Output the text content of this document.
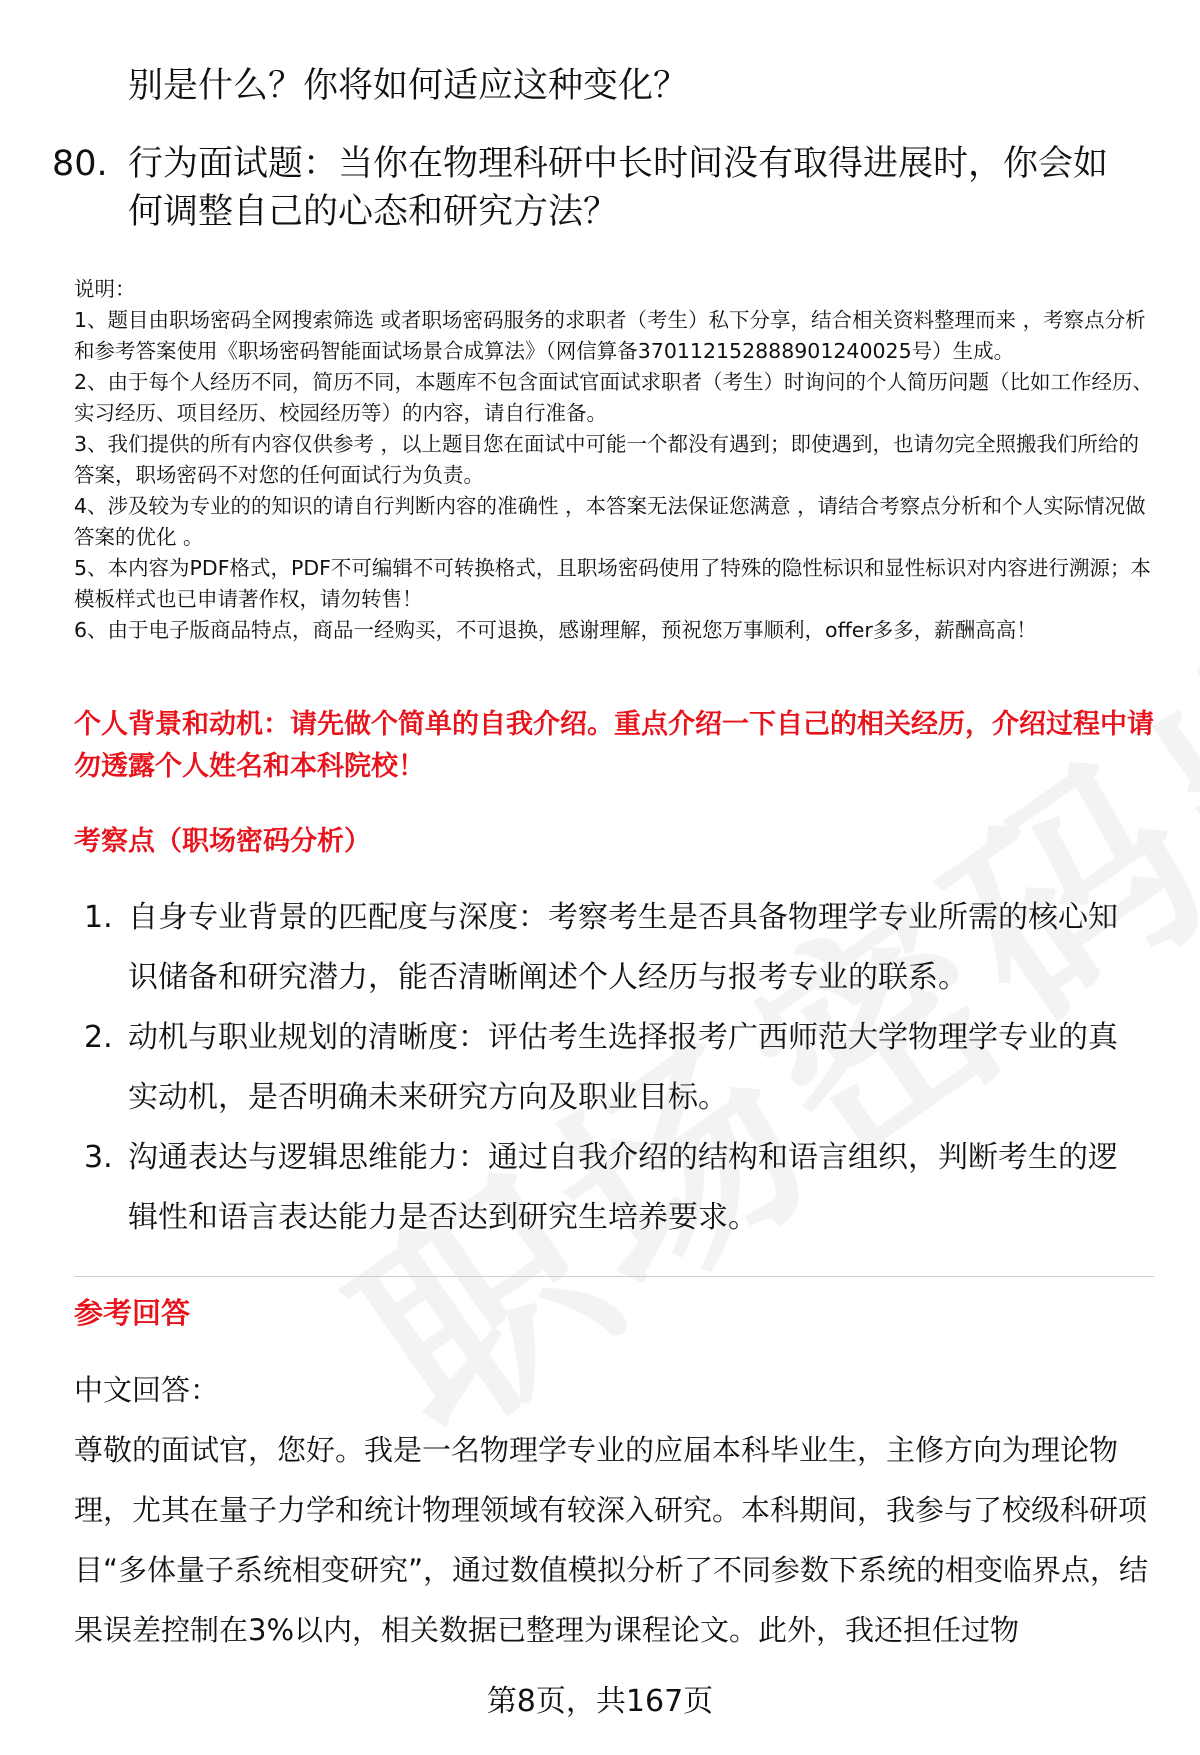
别是什么？你将如何适应这种变化？

80. 行为面试题：当你在物理科研中长时间没有取得进展时，你会如何调整自己的心态和研究方法？

说明：

1、题目由职场密码全网搜索筛选 或者职场密码服务的求职者（考生）私下分享，结合相关资料整理而来 ，考察点分析和参考答案使用《职场密码智能面试场景合成算法》（网信算备370112152888901240025号）生成。

2、由于每个人经历不同，简历不同，本题库不包含面试官面试求职者（考生）时询问的个人简历问题（比如工作经历、实习经历、项目经历、校园经历等）的内容，请自行准备。

3、我们提供的所有内容仅供参考 ，以上题目您在面试中可能一个都没有遇到；即使遇到，也请勿完全照搬我们所给的答案，职场密码不对您的任何面试行为负责。

4、涉及较为专业的的知识的请自行判断内容的准确性 ，本答案无法保证您满意 ，请结合考察点分析和个人实际情况做答案的优化 。

5、本内容为PDF格式，PDF不可编辑不可转换格式，且职场密码使用了特殊的隐性标识和显性标识对内容进行溯源；本模板样式也已申请著作权，请勿转售！

6、由于电子版商品特点，商品一经购买，不可退换，感谢理解，预祝您万事顺利，offer多多，薪酬高高！

个人背景和动机：请先做个简单的自我介绍。重点介绍一下自己的相关经历，介绍过程中请勿透露个人姓名和本科院校！

考察点（职场密码分析）

1. 自身专业背景的匹配度与深度：考察考生是否具备物理学专业所需的核心知识储备和研究潜力，能否清晰阐述个人经历与报考专业的联系。
2. 动机与职业规划的清晰度：评估考生选择报考广西师范大学物理学专业的真实动机，是否明确未来研究方向及职业目标。
3. 沟通表达与逻辑思维能力：通过自我介绍的结构和语言组织，判断考生的逻辑性和语言表达能力是否达到研究生培养要求。

参考回答

中文回答：

尊敬的面试官，您好。我是一名物理学专业的应届本科毕业生，主修方向为理论物理，尤其在量子力学和统计物理领域有较深入研究。本科期间，我参与了校级科研项目“多体量子系统相变研究”，通过数值模拟分析了不同参数下系统的相变临界点，结果误差控制在3%以内，相关数据已整理为课程论文。此外，我还担任过物

第8页，共167页
